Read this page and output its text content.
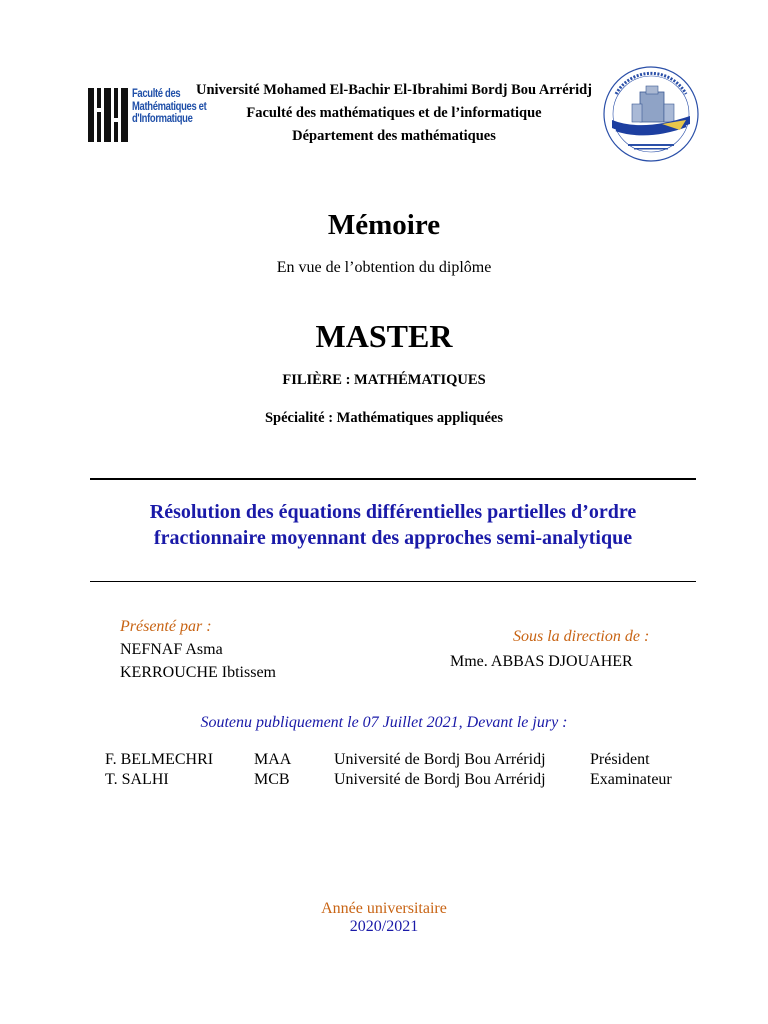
Faculté des
Mathématiques et
d'Informatique
Université Mohamed El-Bachir El-Ibrahimi Bordj Bou Arréridj
Faculté des mathématiques et de l’informatique
Département des mathématiques
Mémoire
En vue de l’obtention du diplôme
MASTER
FILIÈRE : MATHÉMATIQUES
Spécialité : Mathématiques appliquées
Résolution des équations différentielles partielles d’ordre
fractionnaire moyennant des approches semi-analytique
Présenté par :
NEFNAF Asma
KERROUCHE Ibtissem
Sous la direction de :
Mme. ABBAS DJOUAHER
Soutenu publiquement le 07 Juillet 2021, Devant le jury :
F. BELMECHRI	MAA	Université de Bordj Bou Arréridj	Président
T. SALHI	MCB	Université de Bordj Bou Arréridj	Examinateur
Année universitaire
2020/2021
